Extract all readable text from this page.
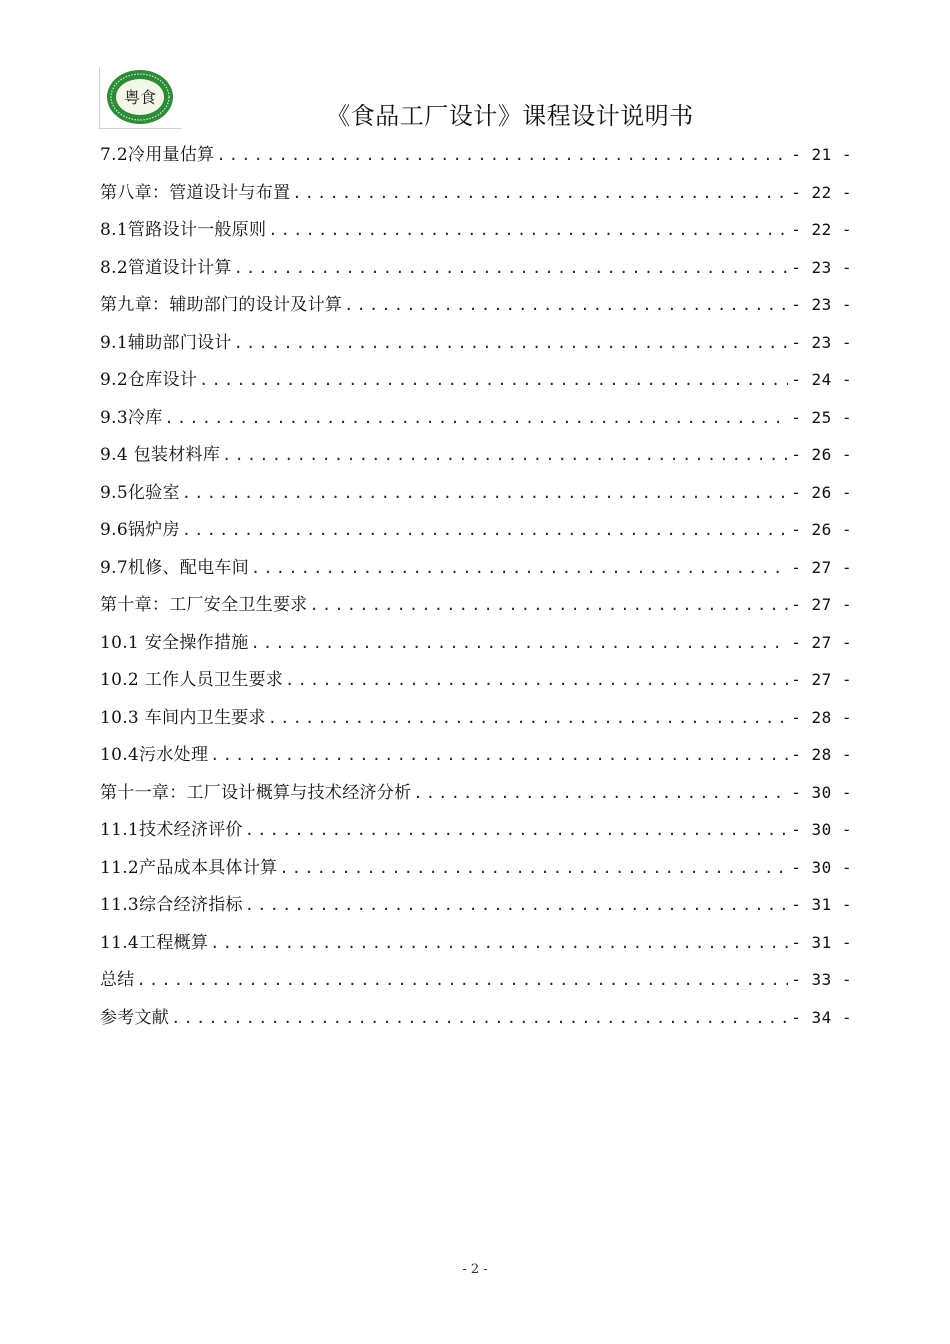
粤食
《食品工厂设计》课程设计说明书
7.2冷用量估算 .....	- 21 -
第八章：管道设计与布置 .....	- 22 -
8.1管路设计一般原则 .....	- 22 -
8.2管道设计计算 .....	- 23 -
第九章：辅助部门的设计及计算 .....	- 23 -
9.1辅助部门设计 .....	- 23 -
9.2仓库设计 .....	- 24 -
9.3冷库 .....	- 25 -
9.4 包装材料库 .....	- 26 -
9.5化验室 .....	- 26 -
9.6锅炉房 .....	- 26 -
9.7机修、配电车间 .....	- 27 -
第十章：工厂安全卫生要求 .....	- 27 -
10.1 安全操作措施 .....	- 27 -
10.2 工作人员卫生要求 .....	- 27 -
10.3 车间内卫生要求 .....	- 28 -
10.4污水处理 .....	- 28 -
第十一章：工厂设计概算与技术经济分析 .....	- 30 -
11.1技术经济评价 .....	- 30 -
11.2产品成本具体计算 .....	- 30 -
11.3综合经济指标 .....	- 31 -
11.4工程概算 .....	- 31 -
总结 .....	- 33 -
参考文献 .....	- 34 -
- 2 -
